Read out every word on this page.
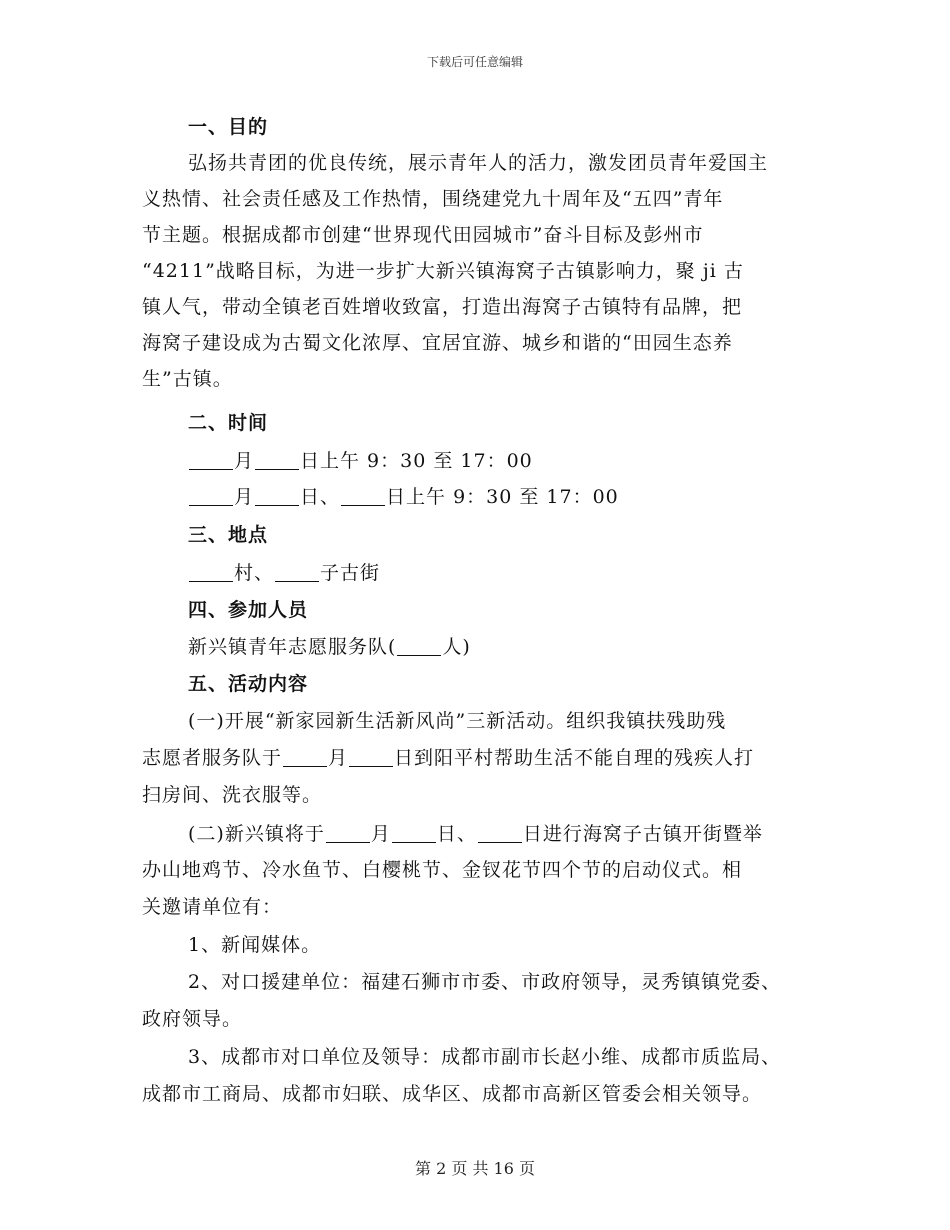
下载后可任意编辑
一、目的
弘扬共青团的优良传统，展示青年人的活力，激发团员青年爱国主
义热情、社会责任感及工作热情，围绕建党九十周年及“五四”青年
节主题。根据成都市创建“世界现代田园城市”奋斗目标及彭州市
“4211”战略目标，为进一步扩大新兴镇海窝子古镇影响力，聚 ji 古
镇人气，带动全镇老百姓增收致富，打造出海窝子古镇特有品牌，把
海窝子建设成为古蜀文化浓厚、宜居宜游、城乡和谐的“田园生态养
生”古镇。
二、时间
月 日上午 9：30 至 17：00
月 日、 日上午 9：30 至 17：00
三、地点
村、 子古街
四、参加人员
新兴镇青年志愿服务队( 人)
五、活动内容
(一)开展“新家园新生活新风尚”三新活动。组织我镇扶残助残
志愿者服务队于 月 日到阳平村帮助生活不能自理的残疾人打
扫房间、洗衣服等。
(二)新兴镇将于 月 日、 日进行海窝子古镇开街暨举
办山地鸡节、冷水鱼节、白樱桃节、金钗花节四个节的启动仪式。相
关邀请单位有：
1、新闻媒体。
2、对口援建单位：福建石狮市市委、市政府领导，灵秀镇镇党委、
政府领导。
3、成都市对口单位及领导：成都市副市长赵小维、成都市质监局、
成都市工商局、成都市妇联、成华区、成都市高新区管委会相关领导。
第 2 页 共 16 页
